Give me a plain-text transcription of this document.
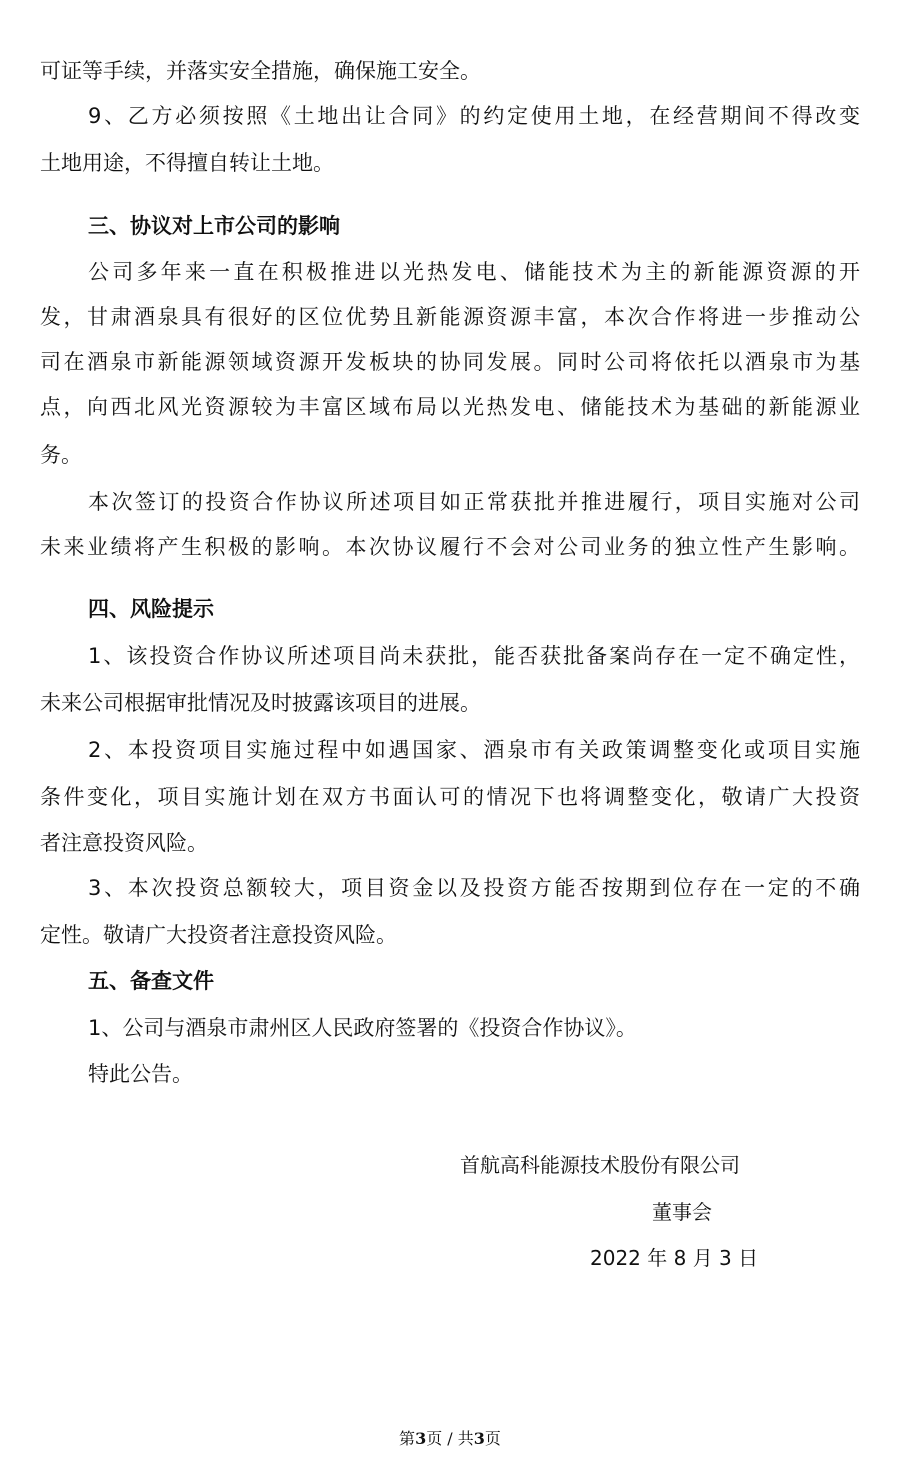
可证等手续，并落实安全措施，确保施工安全。
9、乙方必须按照《土地出让合同》的约定使用土地，在经营期间不得改变
土地用途，不得擅自转让土地。
三、协议对上市公司的影响
公司多年来一直在积极推进以光热发电、储能技术为主的新能源资源的开
发，甘肃酒泉具有很好的区位优势且新能源资源丰富，本次合作将进一步推动公
司在酒泉市新能源领域资源开发板块的协同发展。同时公司将依托以酒泉市为基
点，向西北风光资源较为丰富区域布局以光热发电、储能技术为基础的新能源业
务。
本次签订的投资合作协议所述项目如正常获批并推进履行，项目实施对公司
未来业绩将产生积极的影响。本次协议履行不会对公司业务的独立性产生影响。
四、风险提示
1、该投资合作协议所述项目尚未获批，能否获批备案尚存在一定不确定性，
未来公司根据审批情况及时披露该项目的进展。
2、本投资项目实施过程中如遇国家、酒泉市有关政策调整变化或项目实施
条件变化，项目实施计划在双方书面认可的情况下也将调整变化，敬请广大投资
者注意投资风险。
3、本次投资总额较大，项目资金以及投资方能否按期到位存在一定的不确
定性。敬请广大投资者注意投资风险。
五、备查文件
1、公司与酒泉市肃州区人民政府签署的《投资合作协议》。
特此公告。
首航高科能源技术股份有限公司
董事会
2022 年 8 月 3 日
第3页 / 共3页
